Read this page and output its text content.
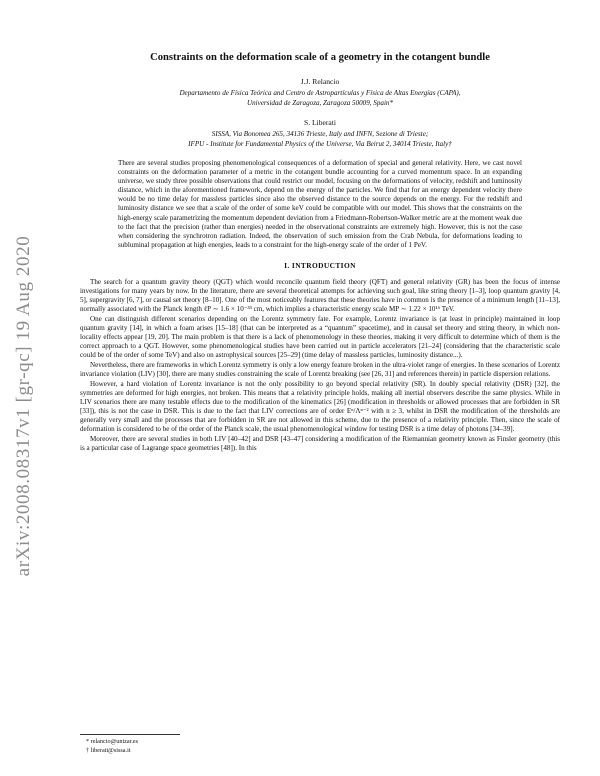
arXiv:2008.08317v1 [gr-qc] 19 Aug 2020
Constraints on the deformation scale of a geometry in the cotangent bundle
J.J. Relancio
Departamento de Física Teórica and Centro de Astropartículas y Física de Altas Energías (CAPA),
Universidad de Zaragoza, Zaragoza 50009, Spain*
S. Liberati
SISSA, Via Bonomea 265, 34136 Trieste, Italy and INFN, Sezione di Trieste;
IFPU - Institute for Fundamental Physics of the Universe, Via Beirut 2, 34014 Trieste, Italy†

There are several studies proposing phenomenological consequences of a deformation of special and general relativity. Here, we cast novel constraints on the deformation parameter of a metric in the cotangent bundle accounting for a curved momentum space. In an expanding universe, we study three possible observations that could restrict our model, focusing on the deformations of velocity, redshift and luminosity distance, which in the aforementioned framework, depend on the energy of the particles. We find that for an energy dependent velocity there would be no time delay for massless particles since also the observed distance to the source depends on the energy. For the redshift and luminosity distance we see that a scale of the order of some keV could be compatible with our model. This shows that the constraints on the high-energy scale parametrizing the momentum dependent deviation from a Friedmann-Robertson-Walker metric are at the moment weak due to the fact that the precision (rather than energies) needed in the observational constraints are extremely high. However, this is not the case when considering the synchrotron radiation. Indeed, the observation of such emission from the Crab Nebula, for deformations leading to subluminal propagation at high energies, leads to a constraint for the high-energy scale of the order of 1 PeV.

I. INTRODUCTION

The search for a quantum gravity theory (QGT) which would reconcile quantum field theory (QFT) and general relativity (GR) has been the focus of intense investigations for many years by now. In the literature, there are several theoretical attempts for achieving such goal, like string theory [1–3], loop quantum gravity [4, 5], supergravity [6, 7], or causal set theory [8–10]. One of the most noticeably features that these theories have in common is the presence of a minimum length [11–13], normally associated with the Planck length ℓP ∼ 1.6 × 10⁻³³ cm, which implies a characteristic energy scale MP ∼ 1.22 × 10¹⁶ TeV.

One can distinguish different scenarios depending on the Lorentz symmetry fate. For example, Lorentz invariance is (at least in principle) maintained in loop quantum gravity [14], in which a foam arises [15–18] (that can be interpreted as a “quantum” spacetime), and in causal set theory and string theory, in which non-locality effects appear [19, 20]. The main problem is that there is a lack of phenomenology in these theories, making it very difficult to determine which of them is the correct approach to a QGT. However, some phenomenological studies have been carried out in particle accelerators [21–24] (considering that the characteristic scale could be of the order of some TeV) and also on astrophysical sources [25–29] (time delay of massless particles, luminosity distance...).

Nevertheless, there are frameworks in which Lorentz symmetry is only a low energy feature broken in the ultra-violet range of energies. In these scenarios of Lorentz invariance violation (LIV) [30], there are many studies constraining the scale of Lorentz breaking (see [26, 31] and references therein) in particle dispersion relations.

However, a hard violation of Lorentz invariance is not the only possibility to go beyond special relativity (SR). In doubly special relativity (DSR) [32], the symmetries are deformed for high energies, not broken. This means that a relativity principle holds, making all inertial observers describe the same physics. While in LIV scenarios there are many testable effects due to the modification of the kinematics [26] (modification in thresholds or allowed processes that are forbidden in SR [33]), this is not the case in DSR. This is due to the fact that LIV corrections are of order Eⁿ/Λⁿ⁻² with n ≥ 3, whilst in DSR the modification of the thresholds are generally very small and the processes that are forbidden in SR are not allowed in this scheme, due to the presence of a relativity principle. Then, since the scale of deformation is considered to be of the order of the Planck scale, the usual phenomenological window for testing DSR is a time delay of photons [34–39].

Moreover, there are several studies in both LIV [40–42] and DSR [43–47] considering a modification of the Riemannian geometry known as Finsler geometry (this is a particular case of Lagrange space geometries [48]). In this

* relancio@unizar.es
† liberati@sissa.it
